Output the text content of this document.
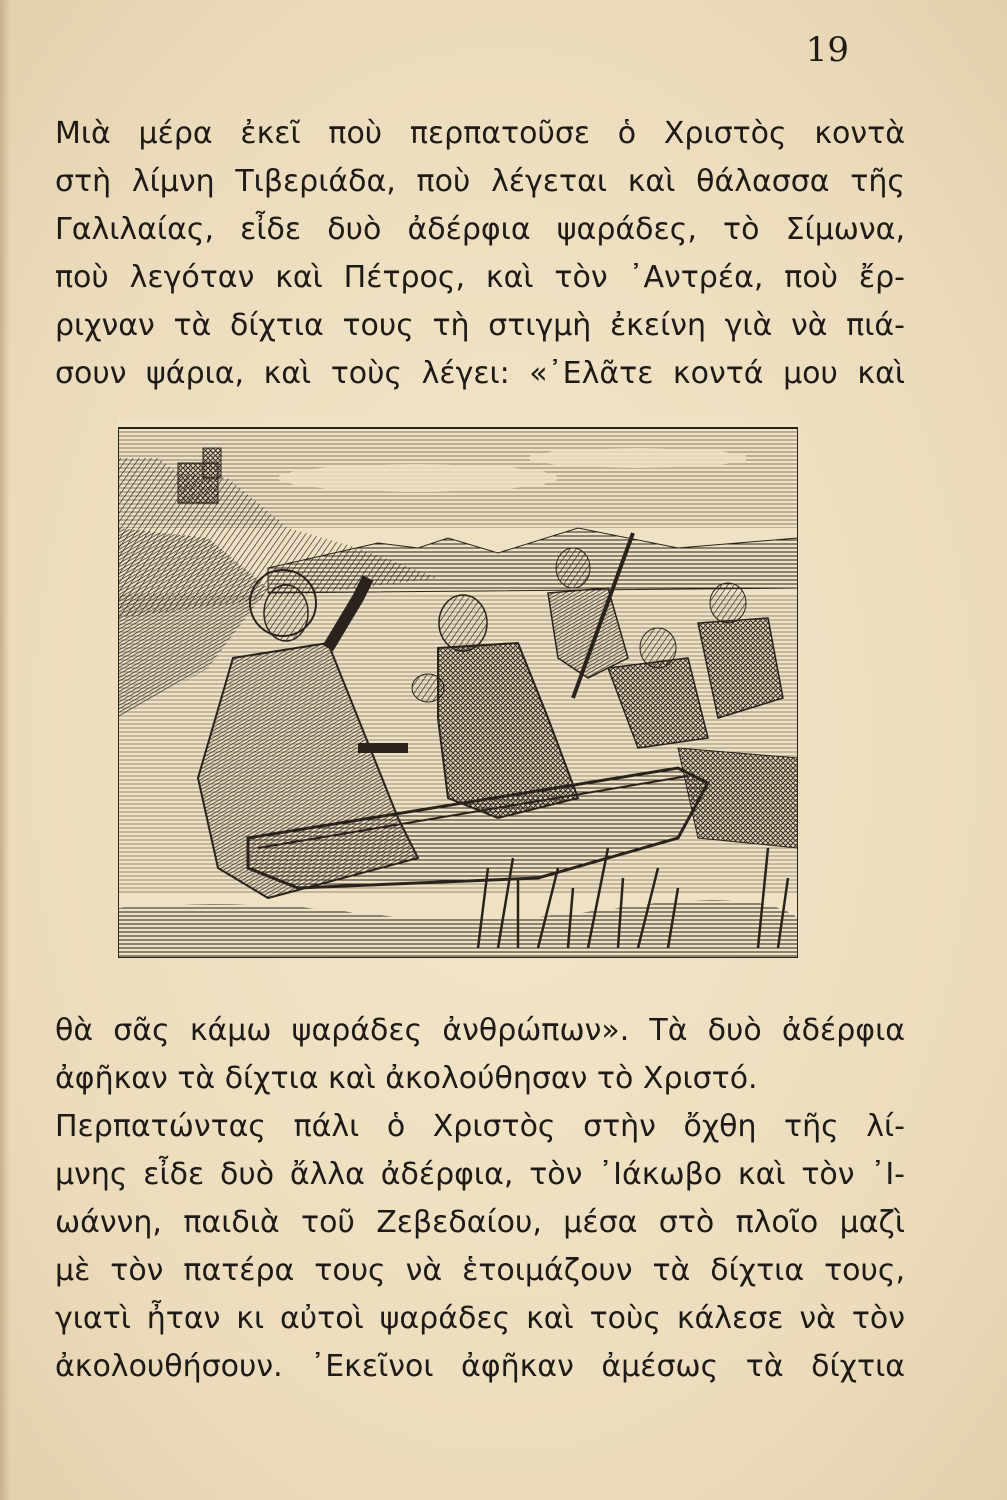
19
Μιὰ μέρα ἐκεῖ ποὺ περπατοῦσε ὁ Χριστὸς κοντὰ
στὴ λίμνη Τιβεριάδα, ποὺ λέγεται καὶ θάλασσα τῆς
Γαλιλαίας, εἶδε δυὸ ἀδέρφια ψαράδες, τὸ Σίμωνα,
ποὺ λεγόταν καὶ Πέτρος, καὶ τὸν ᾿Αντρέα, ποὺ ἔρ-
ριχναν τὰ δίχτια τους τὴ στιγμὴ ἐκείνη γιὰ νὰ πιά-
σουν ψάρια, καὶ τοὺς λέγει: «᾿Ελᾶτε κοντά μου καὶ
θὰ σᾶς κάμω ψαράδες ἀνθρώπων». Τὰ δυὸ ἀδέρφια
ἀφῆκαν τὰ δίχτια καὶ ἀκολούθησαν τὸ Χριστό.
Περπατώντας πάλι ὁ Χριστὸς στὴν ὄχθη τῆς λί-
μνης εἶδε δυὸ ἄλλα ἀδέρφια, τὸν ᾿Ιάκωβο καὶ τὸν ᾿Ι-
ωάννη, παιδιὰ τοῦ Ζεβεδαίου, μέσα στὸ πλοῖο μαζὶ
μὲ τὸν πατέρα τους νὰ ἑτοιμάζουν τὰ δίχτια τους,
γιατὶ ἦταν κι αὐτοὶ ψαράδες καὶ τοὺς κάλεσε νὰ τὸν
ἀκολουθήσουν. ᾿Εκεῖνοι ἀφῆκαν ἀμέσως τὰ δίχτια
